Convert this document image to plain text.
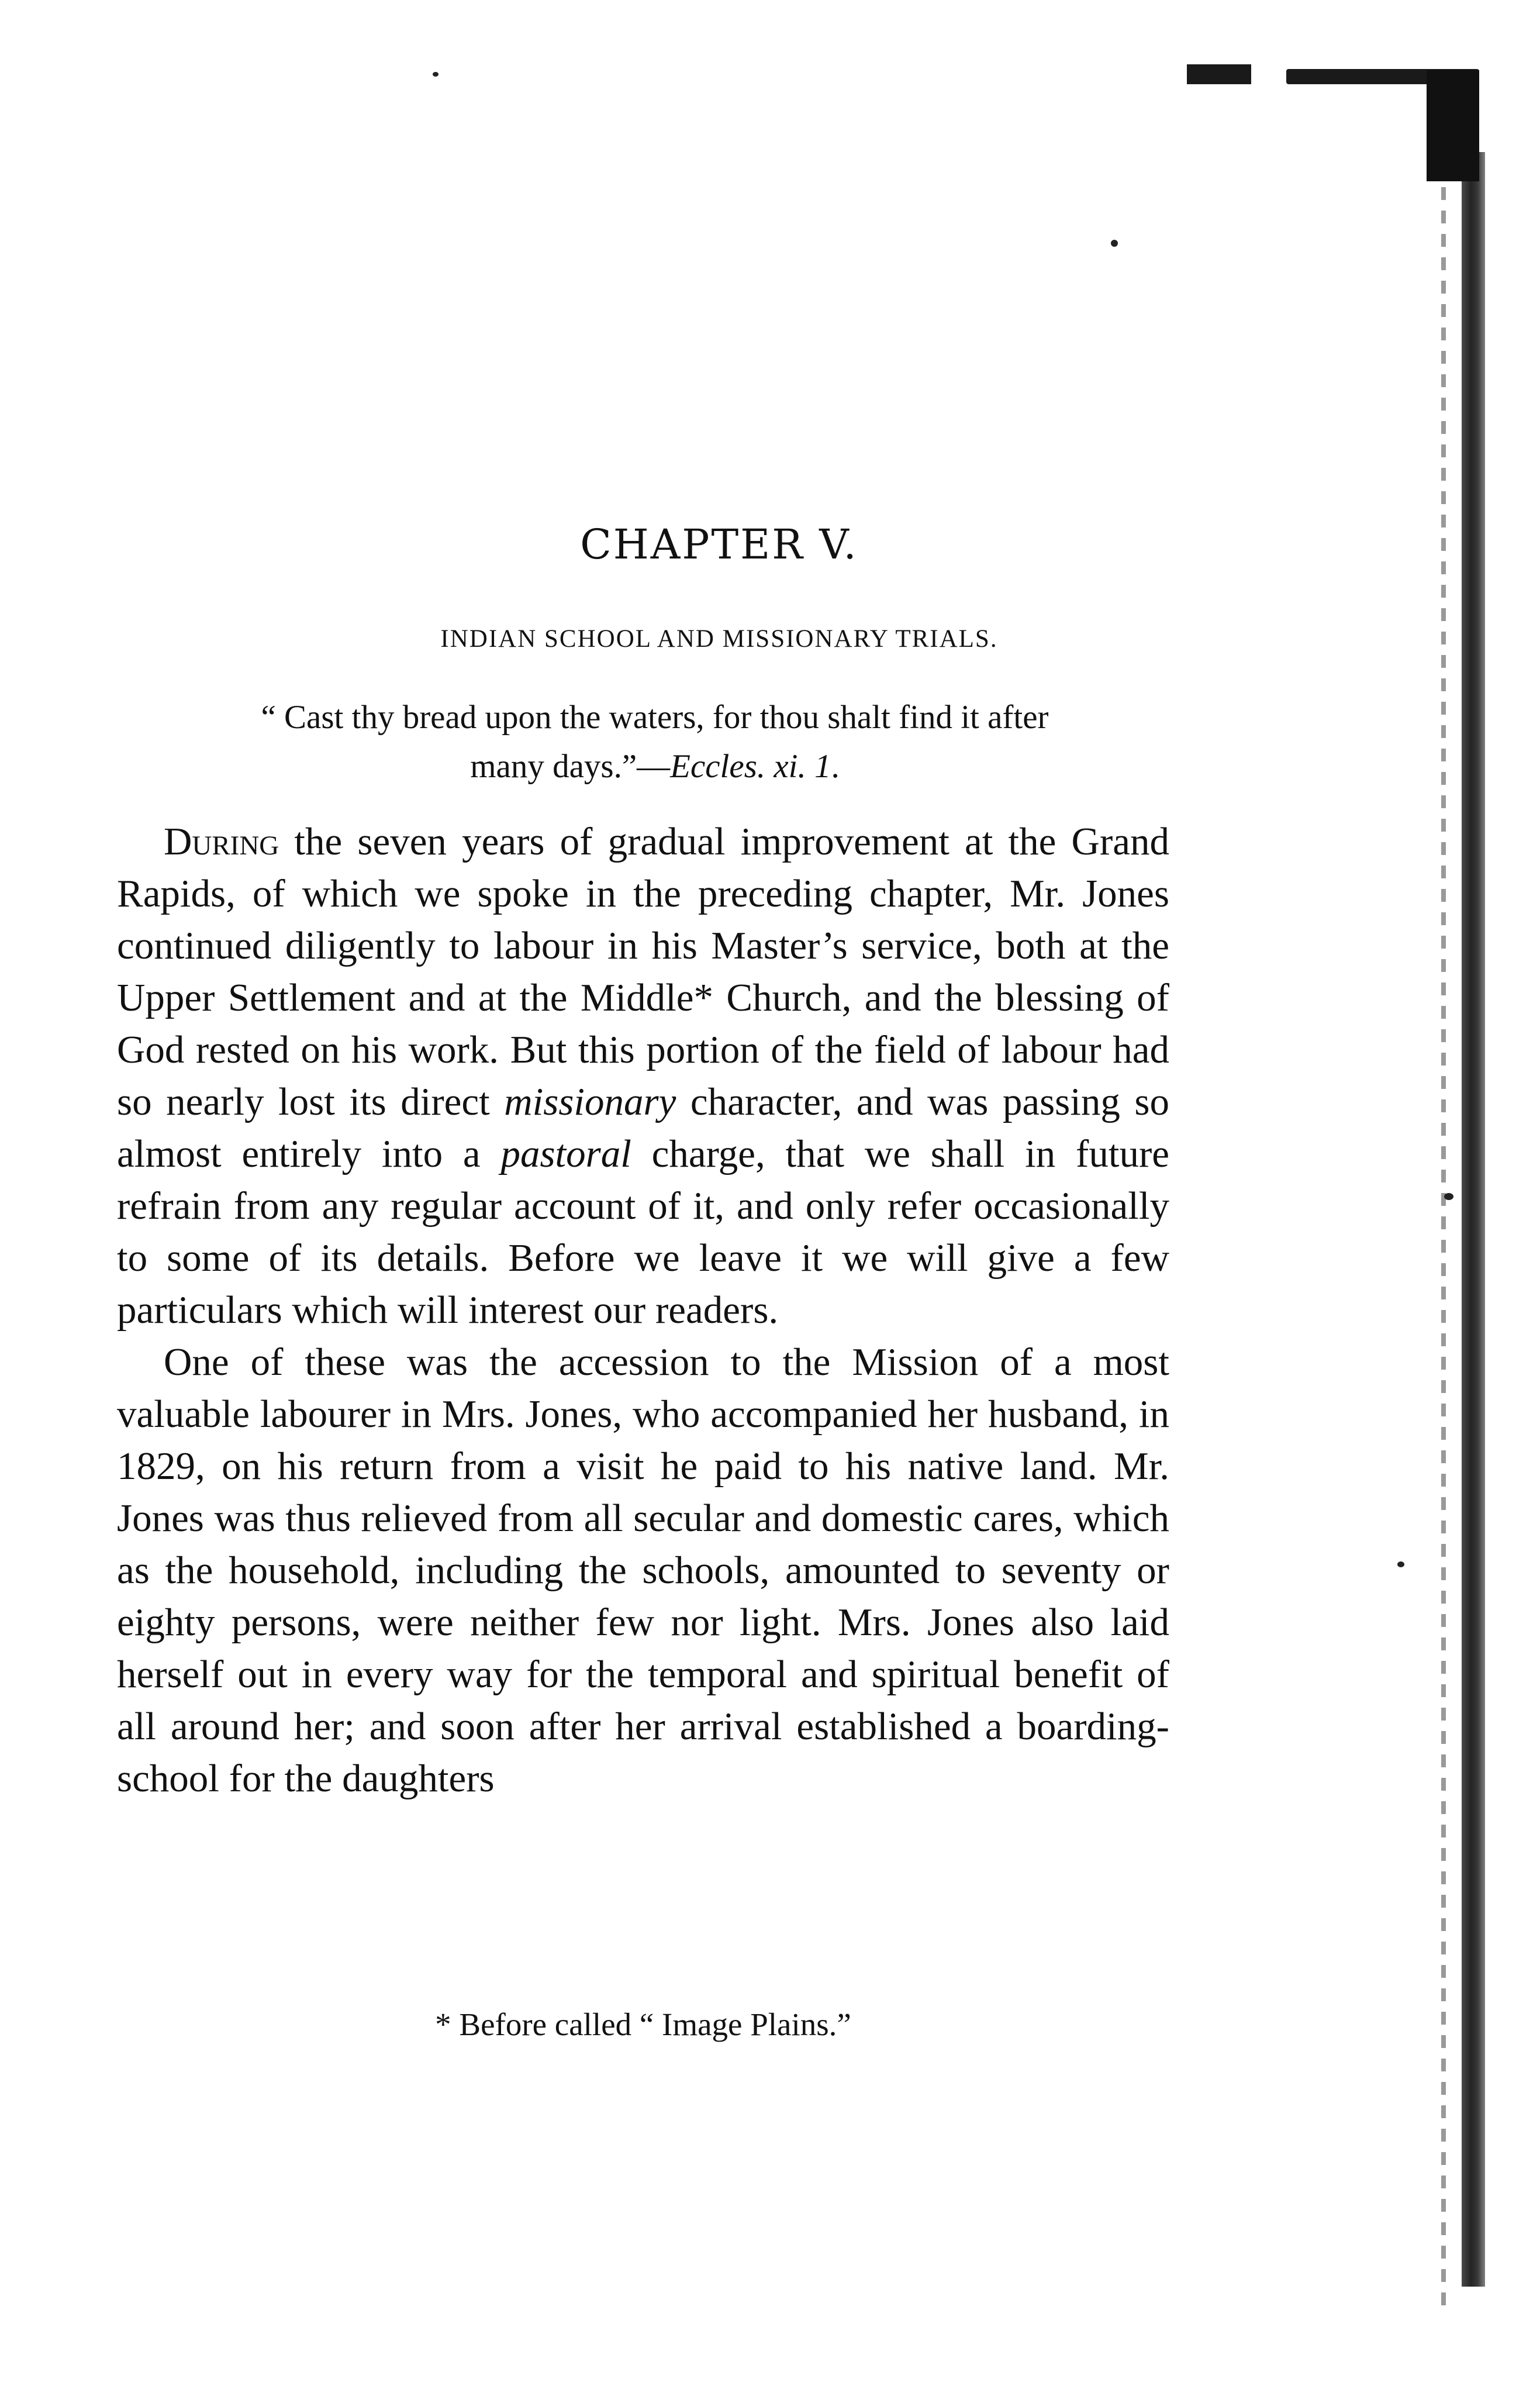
CHAPTER V.
INDIAN SCHOOL AND MISSIONARY TRIALS.
“ Cast thy bread upon the waters, for thou shalt find it after
many days.”—Eccles. xi. 1.

During the seven years of gradual improvement at the Grand Rapids, of which we spoke in the preceding chapter, Mr. Jones continued diligently to labour in his Master’s service, both at the Upper Settlement and at the Middle* Church, and the blessing of God rested on his work. But this portion of the field of labour had so nearly lost its direct missionary character, and was passing so almost entirely into a pastoral charge, that we shall in future refrain from any regular account of it, and only refer occasionally to some of its details. Before we leave it we will give a few particulars which will interest our readers.

One of these was the accession to the Mission of a most valuable labourer in Mrs. Jones, who accompanied her husband, in 1829, on his return from a visit he paid to his native land. Mr. Jones was thus relieved from all secular and domestic cares, which as the household, including the schools, amounted to seventy or eighty persons, were neither few nor light. Mrs. Jones also laid herself out in every way for the temporal and spiritual benefit of all around her; and soon after her arrival established a boarding-school for the daughters

* Before called “ Image Plains.”
